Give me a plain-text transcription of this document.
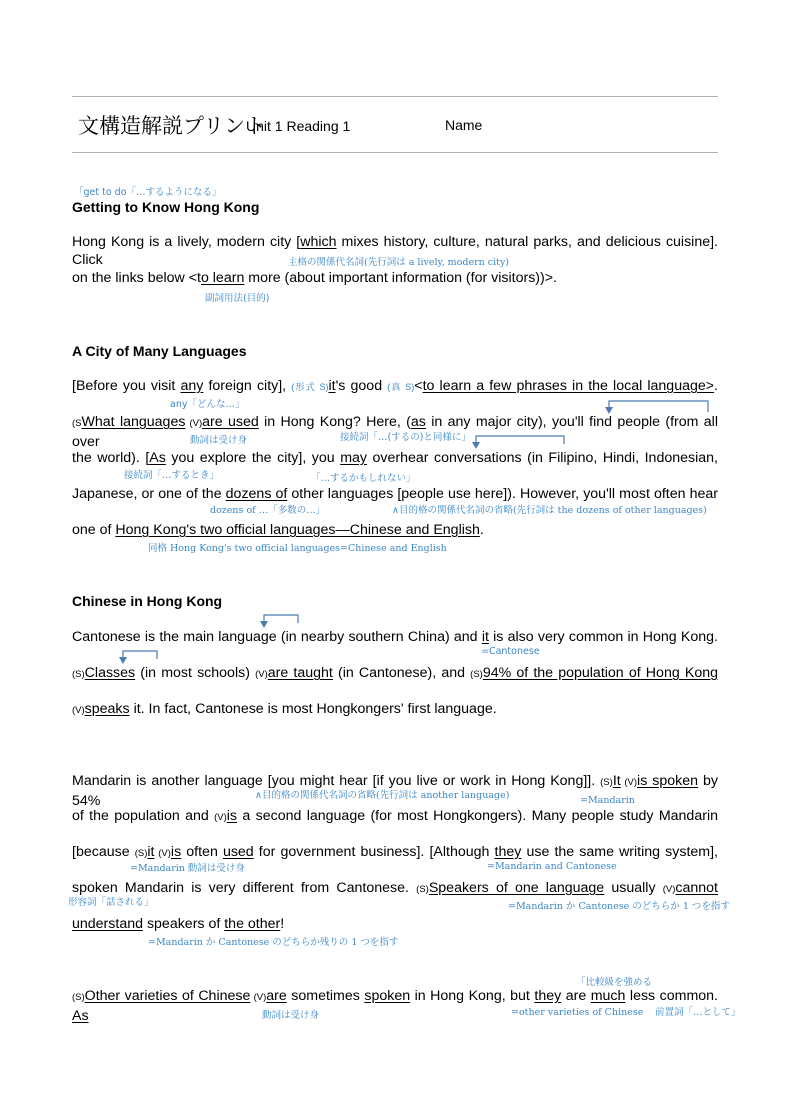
文構造解説プリント
Unit 1 Reading 1	Name
「get to do「…するようになる」
Getting to Know Hong Kong
Hong Kong is a lively, modern city [which mixes history, culture, natural parks, and delicious cuisine]. Click	主格の関係代名詞(先行詞は a lively, modern city)
on the links below <to learn more (about important information (for visitors))>.
副詞用法(目的)
A City of Many Languages
[Before you visit any foreign city], (形式 S)it's good (真 S)<to learn a few phrases in the local language>.
any「どんな…」
(SWhat languages (V)are used in Hong Kong? Here, (as in any major city), you'll find people (from all over	動詞は受け身	接続詞「…(するの)と同様に」
the world). [As you explore the city], you may overhear conversations (in Filipino, Hindi, Indonesian,
接続詞「…するとき」	「…するかもしれない」
Japanese, or one of the dozens of other languages [people use here]). However, you'll most often hear
dozens of …「多数の…」	∧目的格の関係代名詞の省略(先行詞は the dozens of other languages)
one of Hong Kong's two official languages—Chinese and English.
同格 Hong Kong's two official languages=Chinese and English
Chinese in Hong Kong
Cantonese is the main language (in nearby southern China) and it is also very common in Hong Kong.
=Cantonese
(S)Classes (in most schools) (V)are taught (in Cantonese), and (S)94% of the population of Hong Kong
(V)speaks it. In fact, Cantonese is most Hongkongers' first language.
Mandarin is another language [you might hear [if you live or work in Hong Kong]]. (S)It (V)is spoken by 54%	∧目的格の関係代名詞の省略(先行詞は another language)	=Mandarin
of the population and (V)is a second language (for most Hongkongers). Many people study Mandarin
[because (S)it (V)is often used for government business]. [Although they use the same writing system],
=Mandarin 動詞は受け身	=Mandarin and Cantonese
spoken Mandarin is very different from Cantonese. (S)Speakers of one language usually (V)cannot
形容詞「話される」	=Mandarin か Cantonese のどちらか 1 つを指す
understand speakers of the other!
=Mandarin か Cantonese のどちらか残りの 1 つを指す
「比較級を強める
(S)Other varieties of Chinese (V)are sometimes spoken in Hong Kong, but they are much less common. As	動詞は受け身	=other varieties of Chinese 前置詞「…として」
